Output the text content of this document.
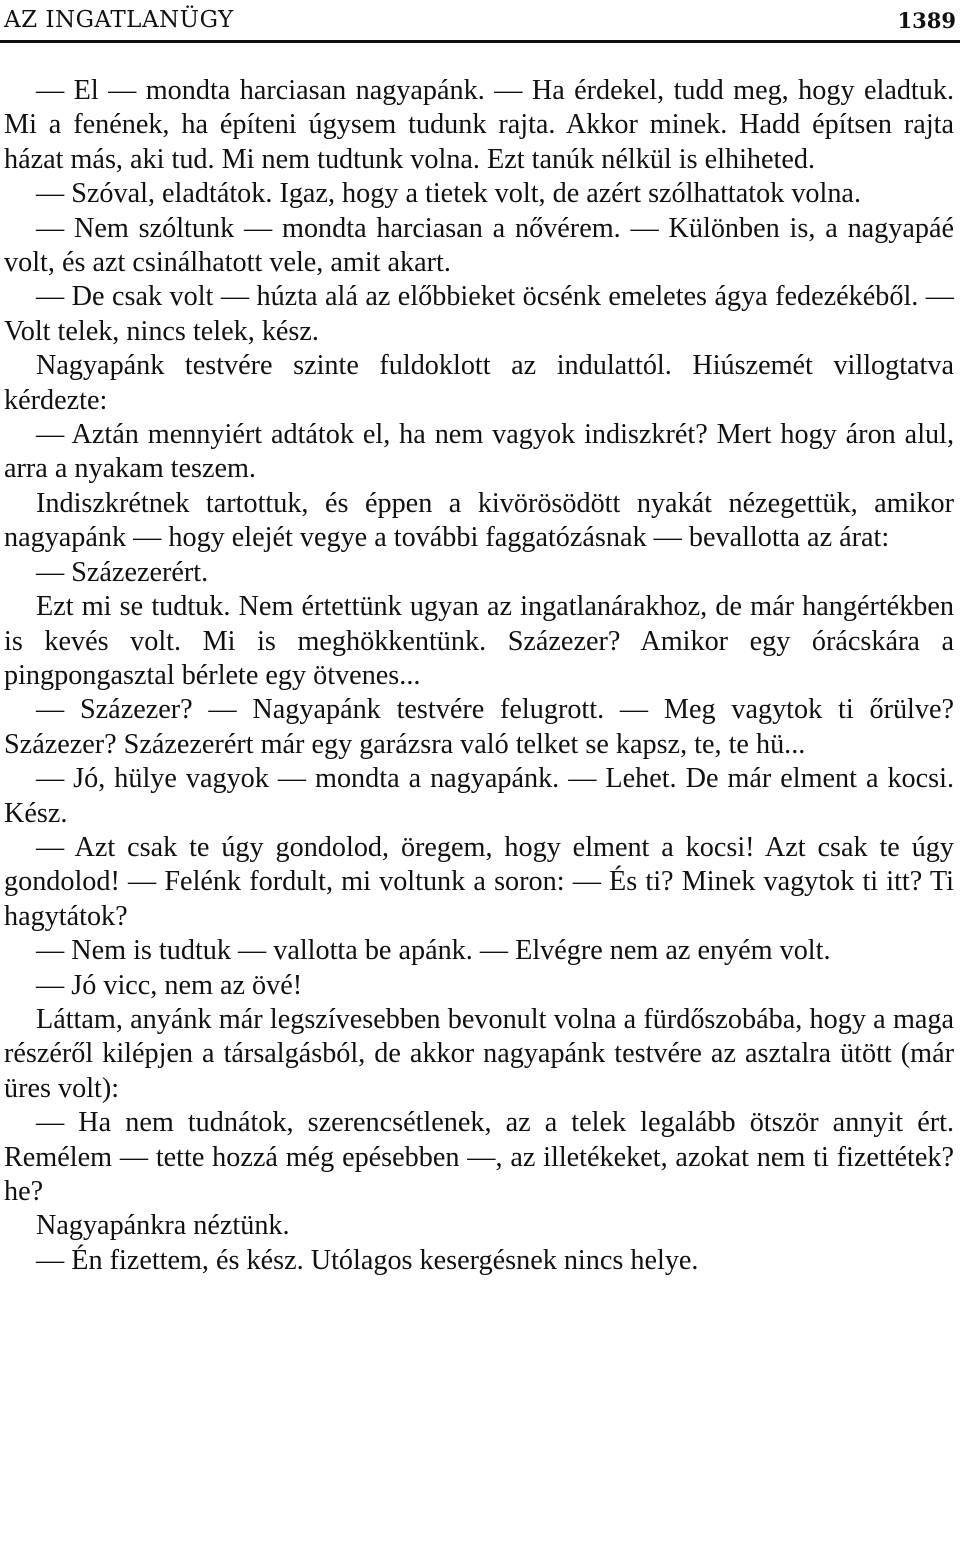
AZ INGATLANÜGY	1389

— El — mondta harciasan nagyapánk. — Ha érdekel, tudd meg, hogy eladtuk. Mi a fenének, ha építeni úgysem tudunk rajta. Akkor minek. Hadd építsen rajta házat más, aki tud. Mi nem tudtunk volna. Ezt tanúk nélkül is elhiheted.

— Szóval, eladtátok. Igaz, hogy a tietek volt, de azért szólhattatok volna.

— Nem szóltunk — mondta harciasan a nővérem. — Különben is, a nagyapáé volt, és azt csinálhatott vele, amit akart.

— De csak volt — húzta alá az előbbieket öcsénk emeletes ágya fedezékéből. — Volt telek, nincs telek, kész.

Nagyapánk testvére szinte fuldoklott az indulattól. Hiúszemét villogtatva kérdezte:

— Aztán mennyiért adtátok el, ha nem vagyok indiszkrét? Mert hogy áron alul, arra a nyakam teszem.

Indiszkrétnek tartottuk, és éppen a kivörösödött nyakát nézegettük, amikor nagyapánk — hogy elejét vegye a további faggatózásnak — bevallotta az árat:

— Százezerért.

Ezt mi se tudtuk. Nem értettünk ugyan az ingatlanárakhoz, de már hangértékben is kevés volt. Mi is meghökkentünk. Százezer? Amikor egy órácskára a pingpongasztal bérlete egy ötvenes...

— Százezer? — Nagyapánk testvére felugrott. — Meg vagytok ti őrülve? Százezer? Százezerért már egy garázsra való telket se kapsz, te, te hü...

— Jó, hülye vagyok — mondta a nagyapánk. — Lehet. De már elment a kocsi. Kész.

— Azt csak te úgy gondolod, öregem, hogy elment a kocsi! Azt csak te úgy gondolod! — Felénk fordult, mi voltunk a soron: — És ti? Minek vagytok ti itt? Ti hagytátok?

— Nem is tudtuk — vallotta be apánk. — Elvégre nem az enyém volt.

— Jó vicc, nem az övé!

Láttam, anyánk már legszívesebben bevonult volna a fürdőszobába, hogy a maga részéről kilépjen a társalgásból, de akkor nagyapánk testvére az asztalra ütött (már üres volt):

— Ha nem tudnátok, szerencsétlenek, az a telek legalább ötször annyit ért. Remélem — tette hozzá még epésebben —, az illetékeket, azokat nem ti fizettétek? he?

Nagyapánkra néztünk.

— Én fizettem, és kész. Utólagos kesergésnek nincs helye.
